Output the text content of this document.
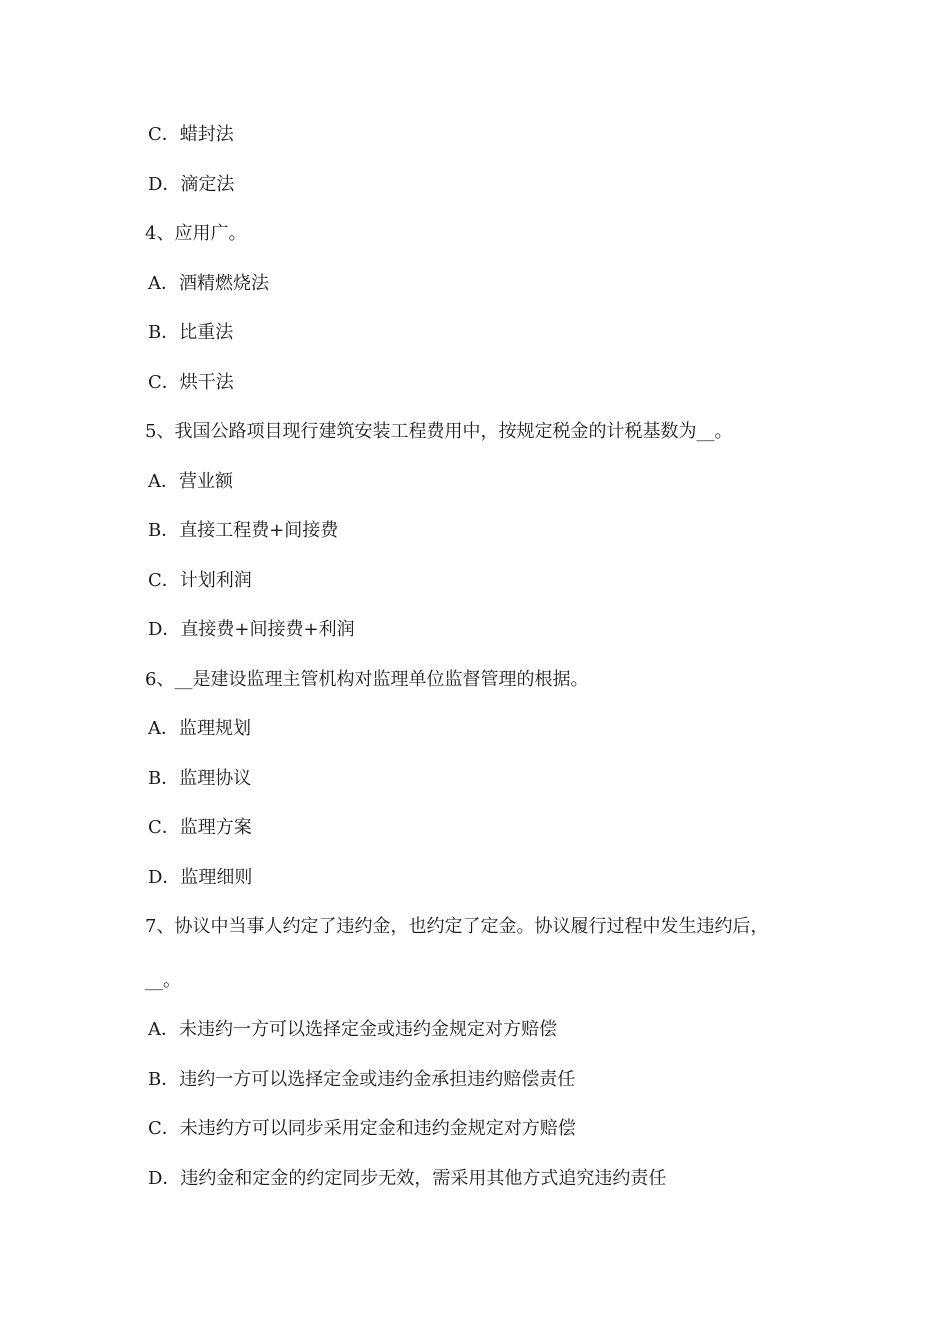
C．蜡封法
D．滴定法
4、应用广。
A．酒精燃烧法
B．比重法
C．烘干法
5、我国公路项目现行建筑安装工程费用中，按规定税金的计税基数为__。
A．营业额
B．直接工程费+间接费
C．计划利润
D．直接费+间接费+利润
6、__是建设监理主管机构对监理单位监督管理的根据。
A．监理规划
B．监理协议
C．监理方案
D．监理细则
7、协议中当事人约定了违约金，也约定了定金。协议履行过程中发生违约后，
__。
A．未违约一方可以选择定金或违约金规定对方赔偿
B．违约一方可以选择定金或违约金承担违约赔偿责任
C．未违约方可以同步采用定金和违约金规定对方赔偿
D．违约金和定金的约定同步无效，需采用其他方式追究违约责任
